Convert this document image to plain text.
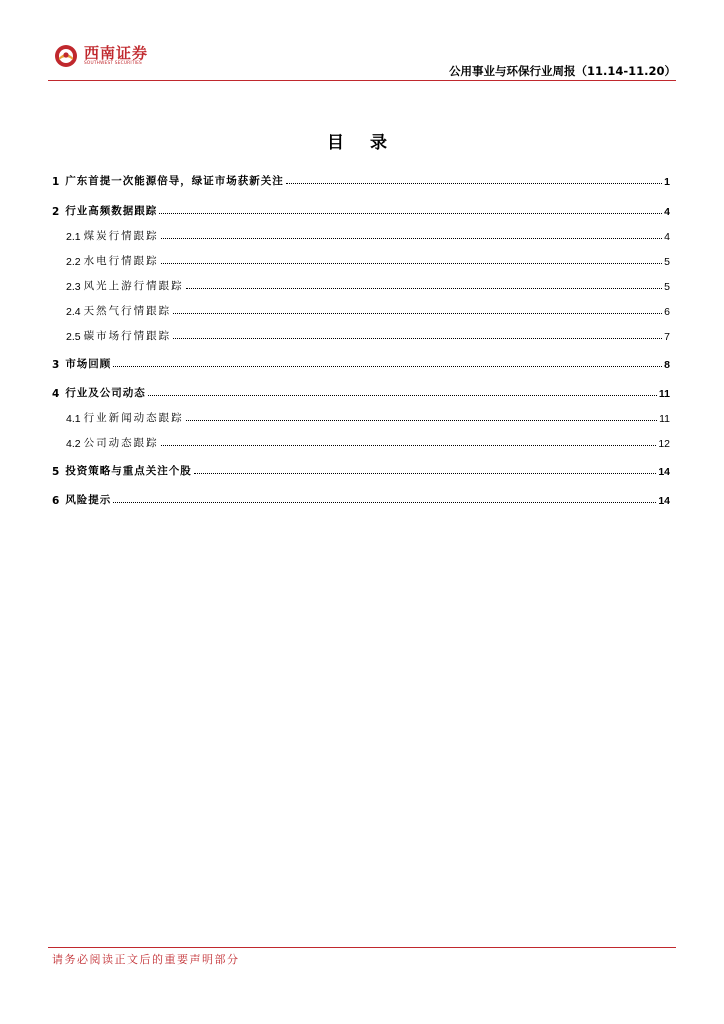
西南证券
SOUTHWEST SECURITIES
公用事业与环保行业周报（11.14-11.20）
目 录
1 广东首提一次能源倍导，绿证市场获新关注	1
2 行业高频数据跟踪	4
2.1 煤炭行情跟踪	4
2.2 水电行情跟踪	5
2.3 风光上游行情跟踪	5
2.4 天然气行情跟踪	6
2.5 碳市场行情跟踪	7
3 市场回顾	8
4 行业及公司动态	11
4.1 行业新闻动态跟踪	11
4.2 公司动态跟踪	12
5 投资策略与重点关注个股	14
6 风险提示	14
请务必阅读正文后的重要声明部分
